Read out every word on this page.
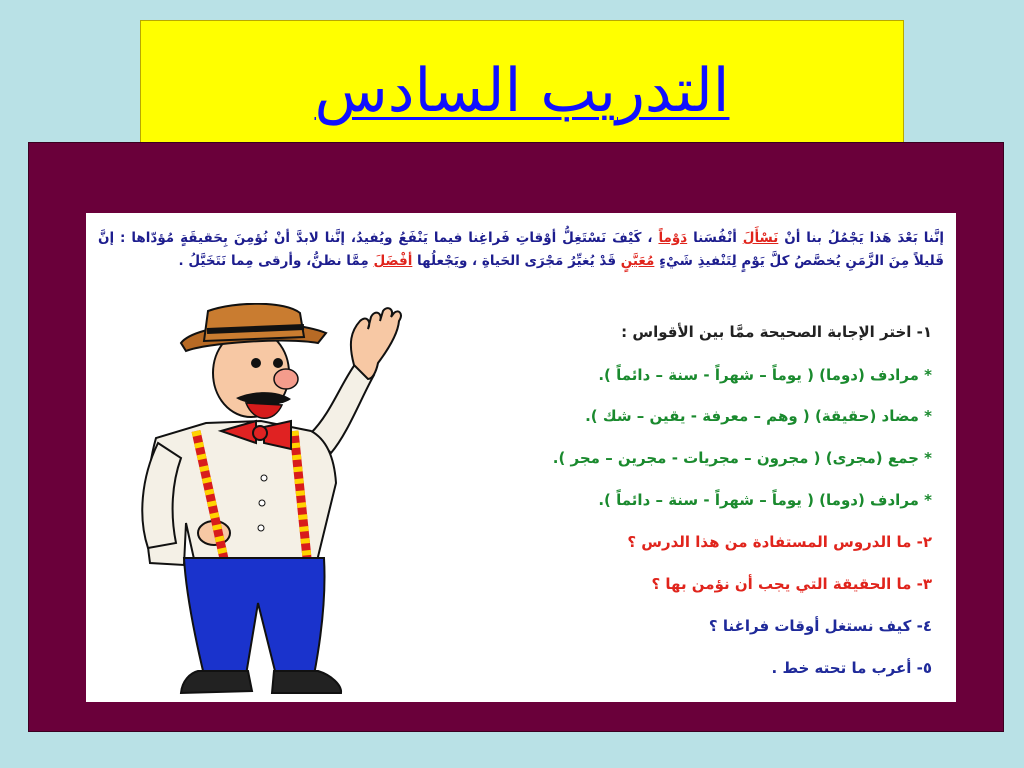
التدريب السادس
إنَّنا بَعْدَ هَذا يَجْمُلُ بنا أنْ نَسْأَلَ أنْفُسَنا دَوْماً ، كَيْفَ نَسْتَغِلُّ أوْقاتِ فَراغِنا فيما يَنْفَعُ ويُفيدُ، إنَّنا لابدَّ أنْ نُؤمِنَ بِحَقيقَةٍ مُؤدّاها : إنَّ قَليلاً مِنَ الزَّمَنِ يُخصَّصُ كلَّ يَوْمٍ لِتَنْفيذِ شَيْءٍ مُعَيَّنٍ قَدْ يُغيِّرُ مَجْرَى الحَياةِ ، ويَجْعلُها أفْضَلَ مِمَّا نظنُّ، وأرقى مِما نَتَخَيَّلُ .
١- اختر الإجابة الصحيحة ممَّا بين الأقواس :
* مرادف (دوما) ( يوماً – شهراً - سنة – دائماً ).
* مضاد (حقيقة) ( وهم – معرفة - يقين – شك ).
* جمع (مجرى) ( مجرون – مجريات - مجرين – مجر ).
* مرادف (دوما) ( يوماً – شهراً - سنة – دائماً ).
٢- ما الدروس المستفادة من هذا الدرس ؟
٣- ما الحقيقة التي يجب أن نؤمن بها ؟
٤- كيف نستغل أوقات فراغنا ؟
٥- أعرب ما تحته خط .
